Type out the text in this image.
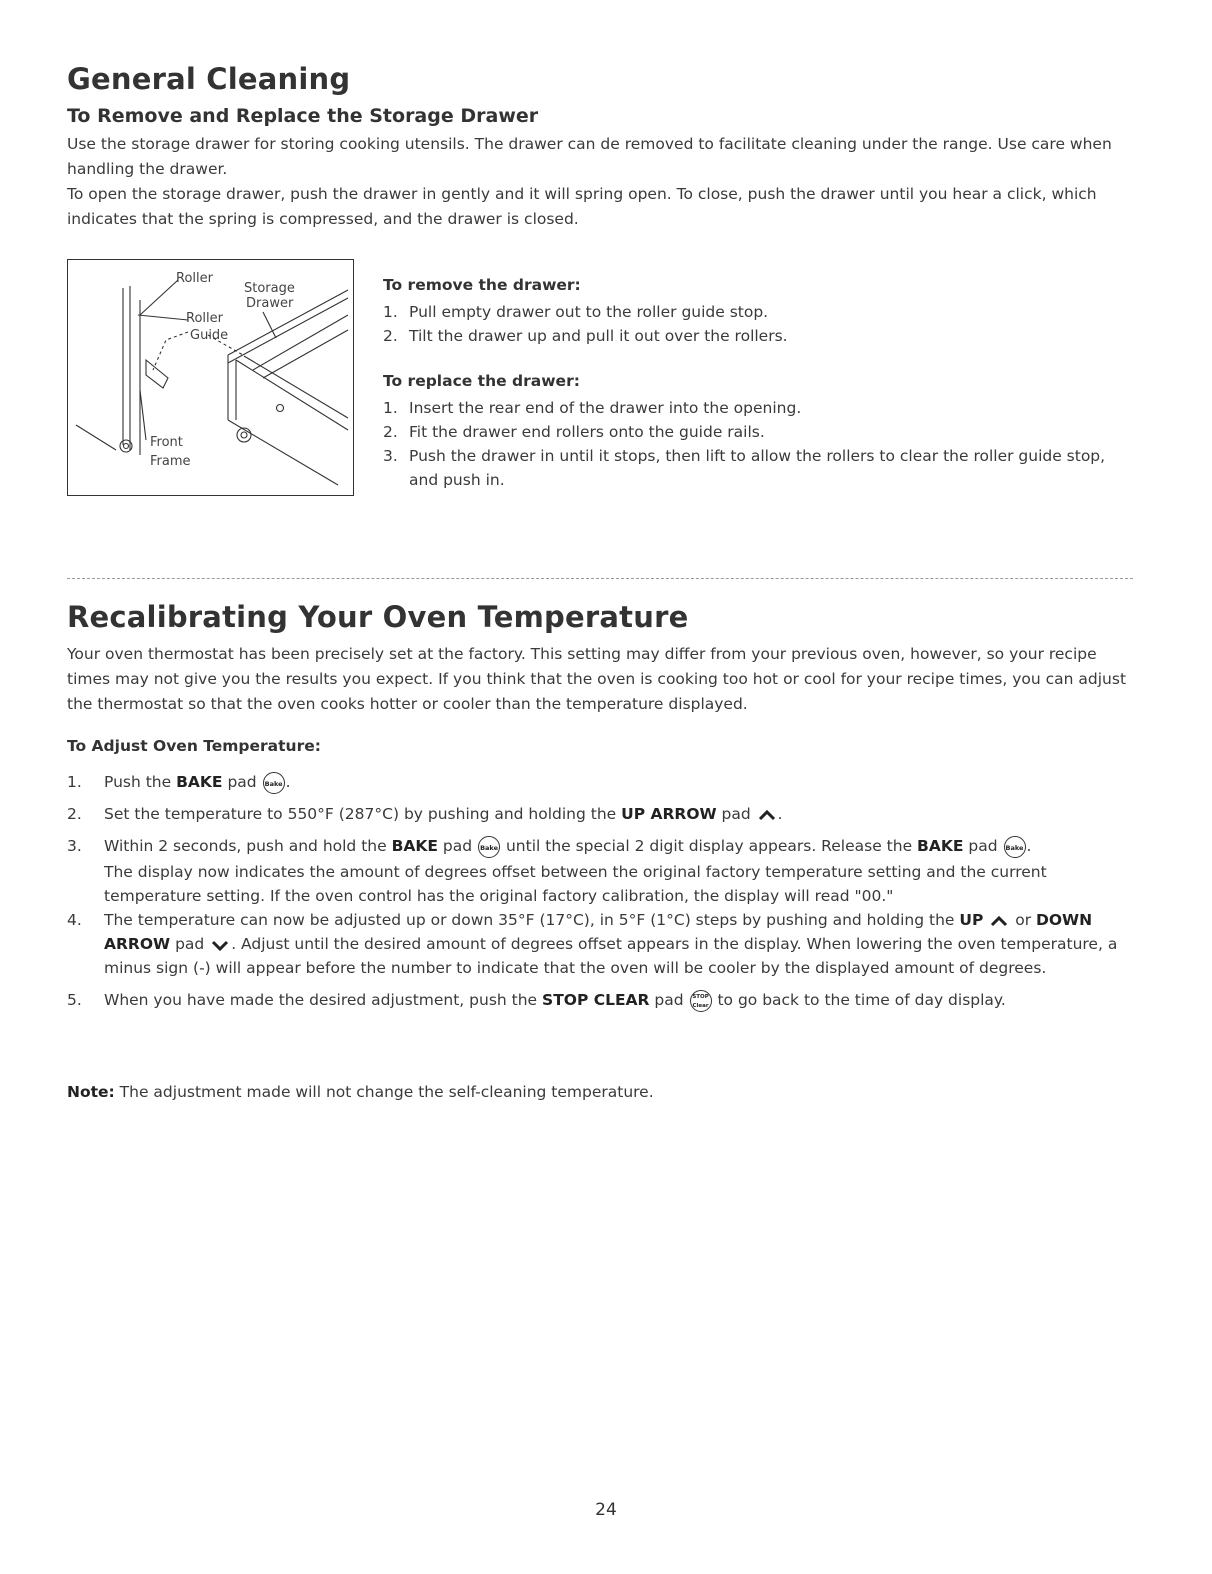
General Cleaning
To Remove and Replace the Storage Drawer

Use the storage drawer for storing cooking utensils. The drawer can de removed to facilitate cleaning under the range. Use care when handling the drawer.

To open the storage drawer, push the drawer in gently and it will spring open. To close, push the drawer until you hear a click, which indicates that the spring is compressed, and the drawer is closed.

Roller
Storage
Drawer
Roller
Guide
Front
Frame
To remove the drawer:
1. Pull empty drawer out to the roller guide stop.
2. Tilt the drawer up and pull it out over the rollers.
To replace the drawer:
1. Insert the rear end of the drawer into the opening.
2. Fit the drawer end rollers onto the guide rails.
3. Push the drawer in until it stops, then lift to allow the rollers to clear the roller guide stop, and push in.
Recalibrating Your Oven Temperature

Your oven thermostat has been precisely set at the factory. This setting may differ from your previous oven, however, so your recipe times may not give you the results you expect. If you think that the oven is cooking too hot or cool for your recipe times, you can adjust the thermostat so that the oven cooks hotter or cooler than the temperature displayed.

To Adjust Oven Temperature:
1. Push the BAKE pad Bake .
2. Set the temperature to 550°F (287°C) by pushing and holding the UP ARROW pad .
3. Within 2 seconds, push and hold the BAKE pad Bake until the special 2 digit display appears. Release the BAKE pad Bake .
The display now indicates the amount of degrees offset between the original factory temperature setting and the current temperature setting. If the oven control has the original factory calibration, the display will read "00."
4. The temperature can now be adjusted up or down 35°F (17°C), in 5°F (1°C) steps by pushing and holding the UP  or DOWN ARROW pad . Adjust until the desired amount of degrees offset appears in the display. When lowering the oven temperature, a minus sign (-) will appear before the number to indicate that the oven will be cooler by the displayed amount of degrees.
5. When you have made the desired adjustment, push the STOP CLEAR pad STOP
Clear to go back to the time of day display.

Note: The adjustment made will not change the self-cleaning temperature.

24
